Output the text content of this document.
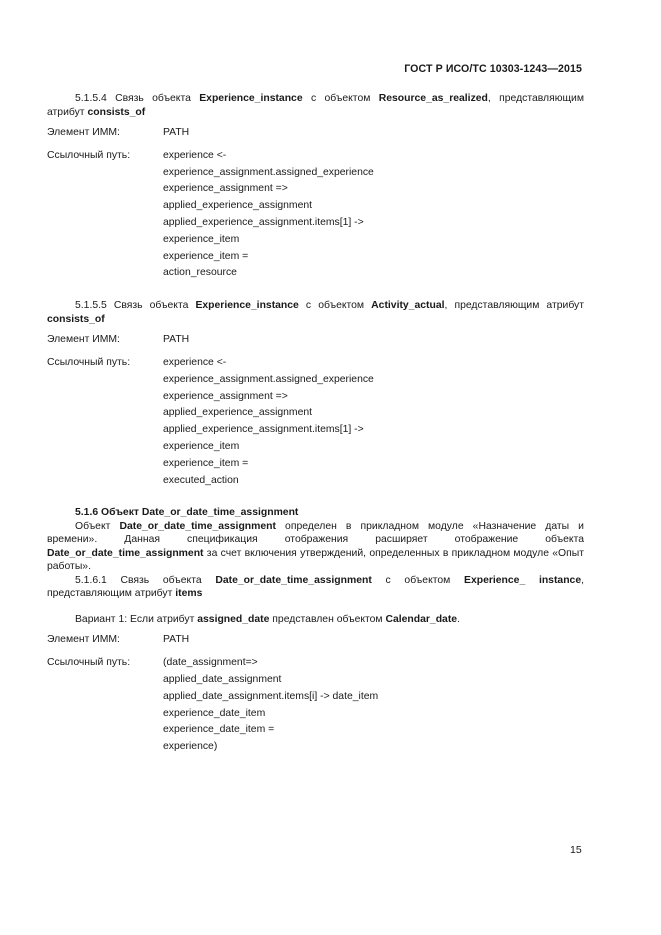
ГОСТ Р ИСО/ТС 10303-1243—2015

5.1.5.4 Связь объекта Experience_instance с объектом Resource_as_realized, представляющим атрибут consists_of

Элемент ИММ:	PATH
Ссылочный путь:	experience <-
experience_assignment.assigned_experience
experience_assignment =>
applied_experience_assignment
applied_experience_assignment.items[1] ->
experience_item
experience_item =
action_resource

5.1.5.5 Связь объекта Experience_instance с объектом Activity_actual, представляющим атрибут consists_of

Элемент ИММ:	PATH
Ссылочный путь:	experience <-
experience_assignment.assigned_experience
experience_assignment =>
applied_experience_assignment
applied_experience_assignment.items[1] ->
experience_item
experience_item =
executed_action

5.1.6 Объект Date_or_date_time_assignment

Объект Date_or_date_time_assignment определен в прикладном модуле «Назначение даты и времени». Данная спецификация отображения расширяет отображение объекта Date_or_date_time_assignment за счет включения утверждений, определенных в прикладном модуле «Опыт работы».

5.1.6.1 Связь объекта Date_or_date_time_assignment с объектом Experience_ instance, представляющим атрибут items

Вариант 1: Если атрибут assigned_date представлен объектом Calendar_date.

Элемент ИММ:	PATH
Ссылочный путь:	(date_assignment=>
applied_date_assignment
applied_date_assignment.items[i] -> date_item
experience_date_item
experience_date_item =
experience)
15
